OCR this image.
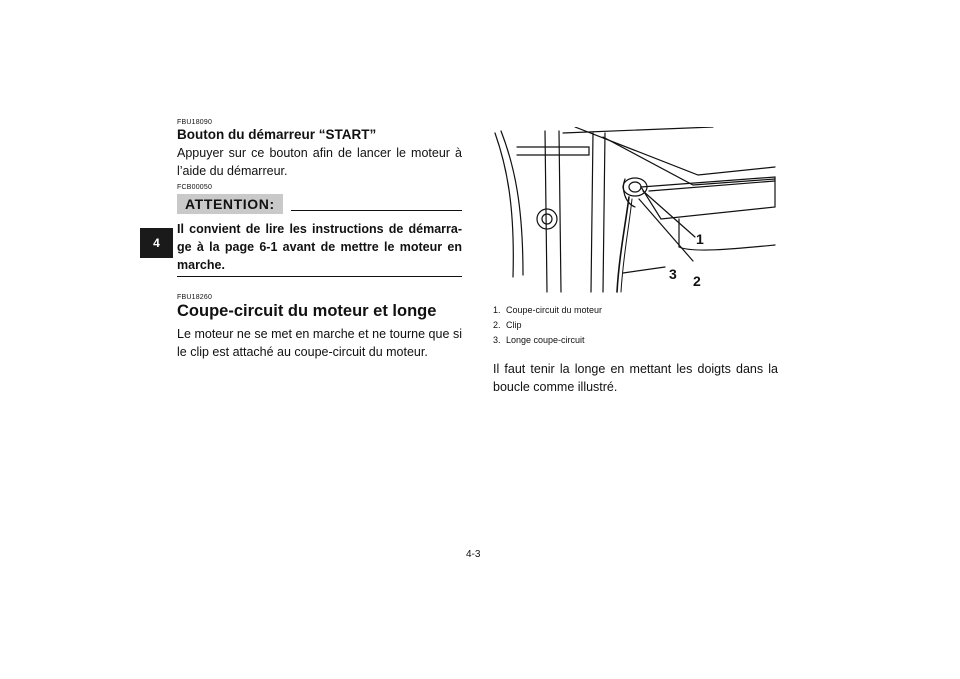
4

FBU18090

Bouton du démarreur “START”

Appuyer sur ce bouton afin de lancer le moteur à l’aide du démarreur.

FCB00050

ATTENTION:

Il convient de lire les instructions de démarra- ge à la page 6-1 avant de mettre le moteur en marche.

FBU18260

Coupe-circuit du moteur et longe

Le moteur ne se met en marche et ne tourne que si le clip est attaché au coupe-circuit du moteur.

1
2
3
1. Coupe-circuit du moteur
2. Clip
3. Longe coupe-circuit

Il faut tenir la longe en mettant les doigts dans la boucle comme illustré.

4-3
